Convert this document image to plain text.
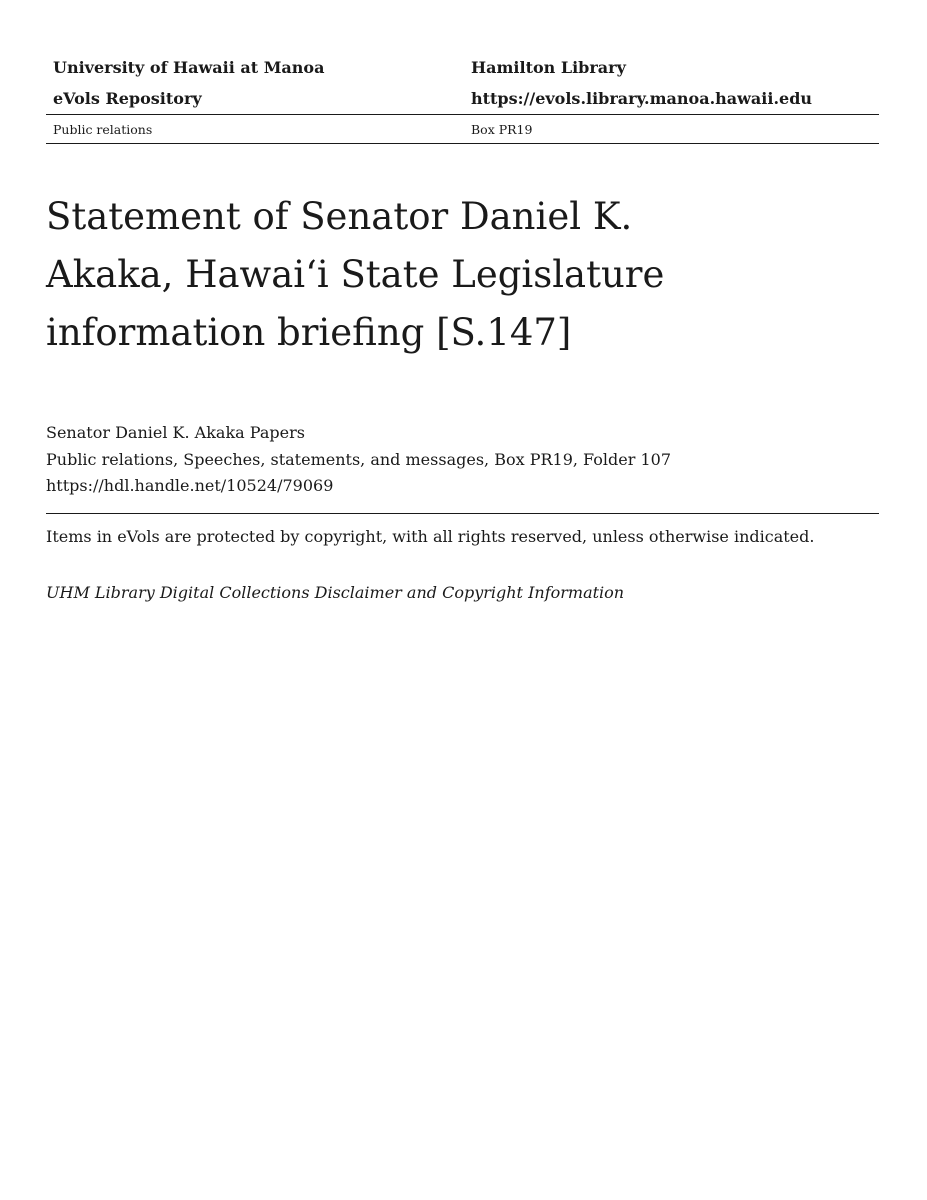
University of Hawaii at Manoa	Hamilton Library
eVols Repository	https://evols.library.manoa.hawaii.edu
Public relations	Box PR19
Statement of Senator Daniel K. Akaka, Hawai‘i State Legislature information briefing [S.147]
Senator Daniel K. Akaka Papers
Public relations, Speeches, statements, and messages, Box PR19, Folder 107
https://hdl.handle.net/10524/79069
Items in eVols are protected by copyright, with all rights reserved, unless otherwise indicated.
UHM Library Digital Collections Disclaimer and Copyright Information
